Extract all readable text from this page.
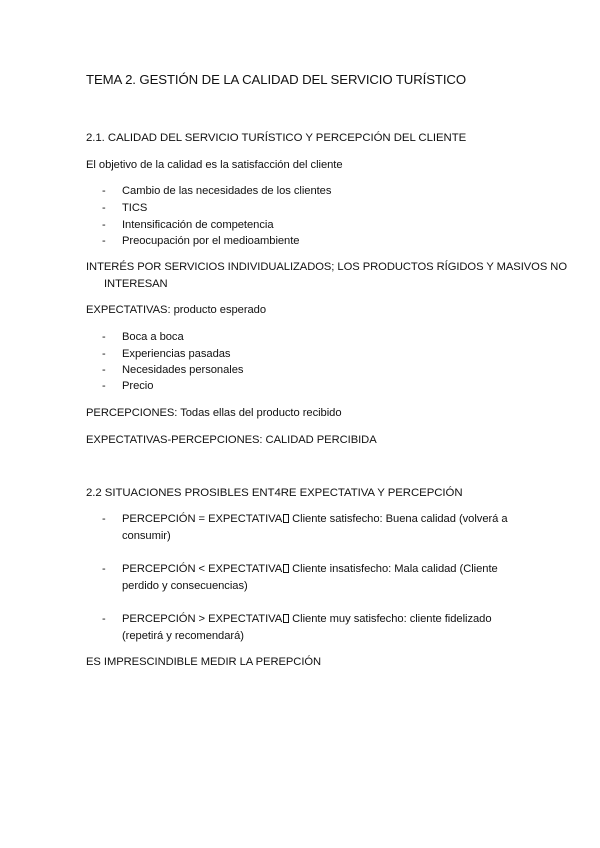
TEMA 2. GESTIÓN DE LA CALIDAD DEL SERVICIO TURÍSTICO
2.1. CALIDAD DEL SERVICIO TURÍSTICO Y PERCEPCIÓN DEL CLIENTE
El objetivo de la calidad es la satisfacción del cliente
- Cambio de las necesidades de los clientes
- TICS
- Intensificación de competencia
- Preocupación por el medioambiente
INTERÉS POR SERVICIOS INDIVIDUALIZADOS; LOS PRODUCTOS RÍGIDOS Y MASIVOS NO
INTERESAN
EXPECTATIVAS: producto esperado
- Boca a boca
- Experiencias pasadas
- Necesidades personales
- Precio
PERCEPCIONES: Todas ellas del producto recibido
EXPECTATIVAS-PERCEPCIONES: CALIDAD PERCIBIDA
2.2 SITUACIONES PROSIBLES ENT4RE EXPECTATIVA Y PERCEPCIÓN
- PERCEPCIÓN = EXPECTATIVA Cliente satisfecho: Buena calidad (volverá a
consumir)
- PERCEPCIÓN < EXPECTATIVA Cliente insatisfecho: Mala calidad (Cliente
perdido y consecuencias)
- PERCEPCIÓN > EXPECTATIVA Cliente muy satisfecho: cliente fidelizado
(repetirá y recomendará)
ES IMPRESCINDIBLE MEDIR LA PEREPCIÓN
